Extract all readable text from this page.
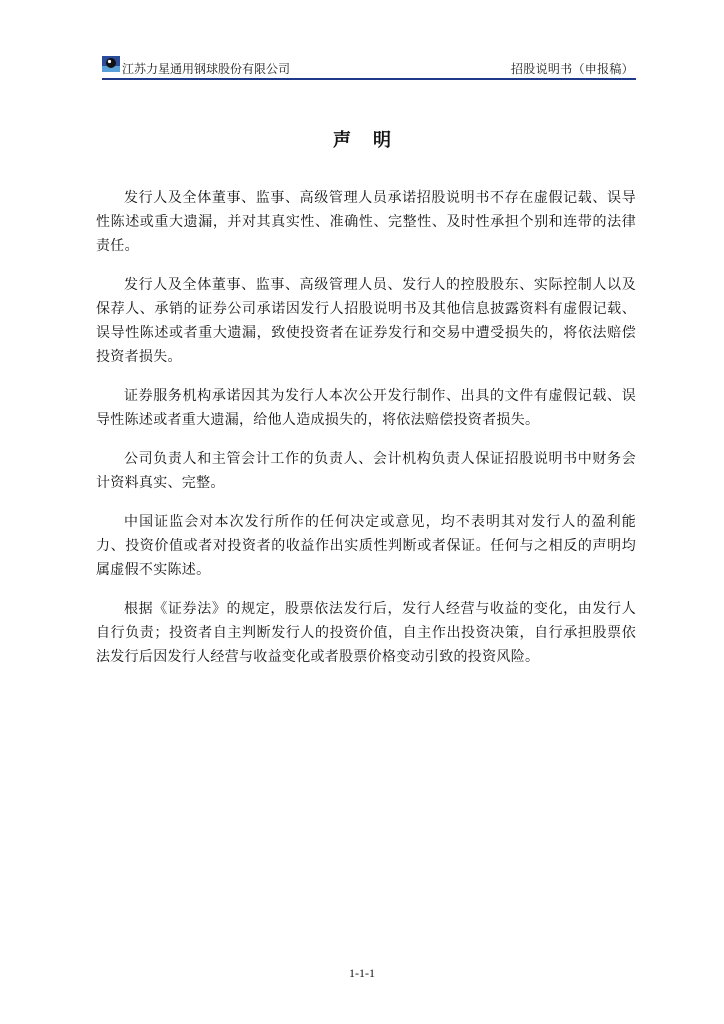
江苏力星通用钢球股份有限公司	招股说明书（申报稿）
声明

发行人及全体董事、监事、高级管理人员承诺招股说明书不存在虚假记载、误导性陈述或重大遗漏，并对其真实性、准确性、完整性、及时性承担个别和连带的法律责任。

发行人及全体董事、监事、高级管理人员、发行人的控股股东、实际控制人以及保荐人、承销的证券公司承诺因发行人招股说明书及其他信息披露资料有虚假记载、误导性陈述或者重大遗漏，致使投资者在证券发行和交易中遭受损失的，将依法赔偿投资者损失。

证券服务机构承诺因其为发行人本次公开发行制作、出具的文件有虚假记载、误导性陈述或者重大遗漏，给他人造成损失的，将依法赔偿投资者损失。

公司负责人和主管会计工作的负责人、会计机构负责人保证招股说明书中财务会计资料真实、完整。

中国证监会对本次发行所作的任何决定或意见，均不表明其对发行人的盈利能力、投资价值或者对投资者的收益作出实质性判断或者保证。任何与之相反的声明均属虚假不实陈述。

根据《证券法》的规定，股票依法发行后，发行人经营与收益的变化，由发行人自行负责；投资者自主判断发行人的投资价值，自主作出投资决策，自行承担股票依法发行后因发行人经营与收益变化或者股票价格变动引致的投资风险。

1-1-1
